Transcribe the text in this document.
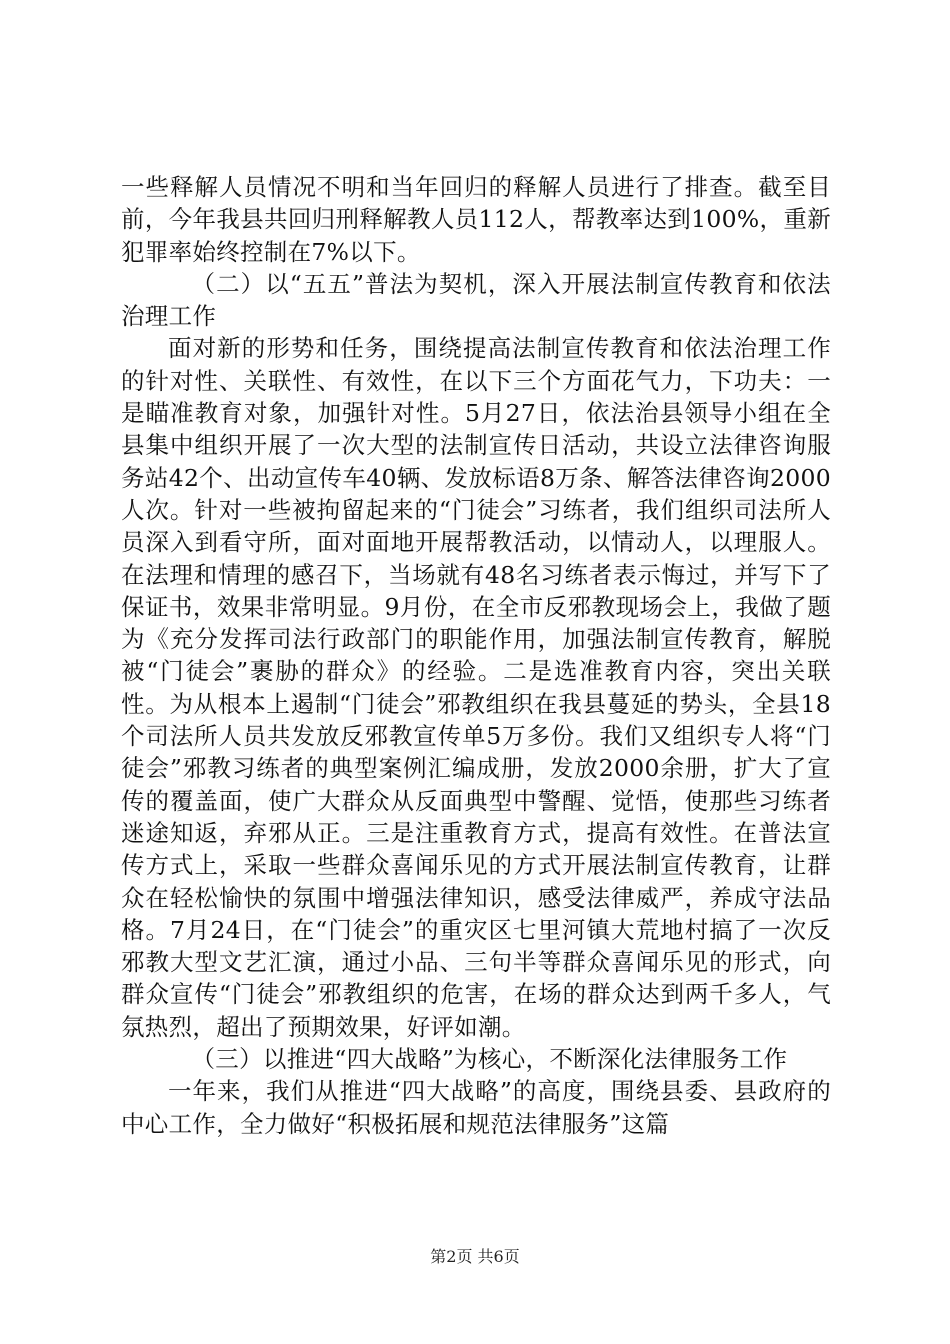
一些释解人员情况不明和当年回归的释解人员进行了排查。截至目前，今年我县共回归刑释解教人员112人，帮教率达到100%，重新犯罪率始终控制在7%以下。

（二）以“五五”普法为契机，深入开展法制宣传教育和依法治理工作

面对新的形势和任务，围绕提高法制宣传教育和依法治理工作的针对性、关联性、有效性，在以下三个方面花气力，下功夫：一是瞄准教育对象，加强针对性。5月27日，依法治县领导小组在全县集中组织开展了一次大型的法制宣传日活动，共设立法律咨询服务站42个、出动宣传车40辆、发放标语8万条、解答法律咨询2000人次。针对一些被拘留起来的“门徒会”习练者，我们组织司法所人员深入到看守所，面对面地开展帮教活动，以情动人，以理服人。在法理和情理的感召下，当场就有48名习练者表示悔过，并写下了保证书，效果非常明显。9月份，在全市反邪教现场会上，我做了题为《充分发挥司法行政部门的职能作用，加强法制宣传教育，解脱被“门徒会”裹胁的群众》的经验。二是选准教育内容，突出关联性。为从根本上遏制“门徒会”邪教组织在我县蔓延的势头，全县18个司法所人员共发放反邪教宣传单5万多份。我们又组织专人将“门徒会”邪教习练者的典型案例汇编成册，发放2000余册，扩大了宣传的覆盖面，使广大群众从反面典型中警醒、觉悟，使那些习练者迷途知返，弃邪从正。三是注重教育方式，提高有效性。在普法宣传方式上，采取一些群众喜闻乐见的方式开展法制宣传教育，让群众在轻松愉快的氛围中增强法律知识，感受法律威严，养成守法品格。7月24日，在“门徒会”的重灾区七里河镇大荒地村搞了一次反邪教大型文艺汇演，通过小品、三句半等群众喜闻乐见的形式，向群众宣传“门徒会”邪教组织的危害，在场的群众达到两千多人，气氛热烈，超出了预期效果，好评如潮。

（三）以推进“四大战略”为核心，不断深化法律服务工作

一年来，我们从推进“四大战略”的高度，围绕县委、县政府的中心工作，全力做好“积极拓展和规范法律服务”这篇

第2页 共6页
